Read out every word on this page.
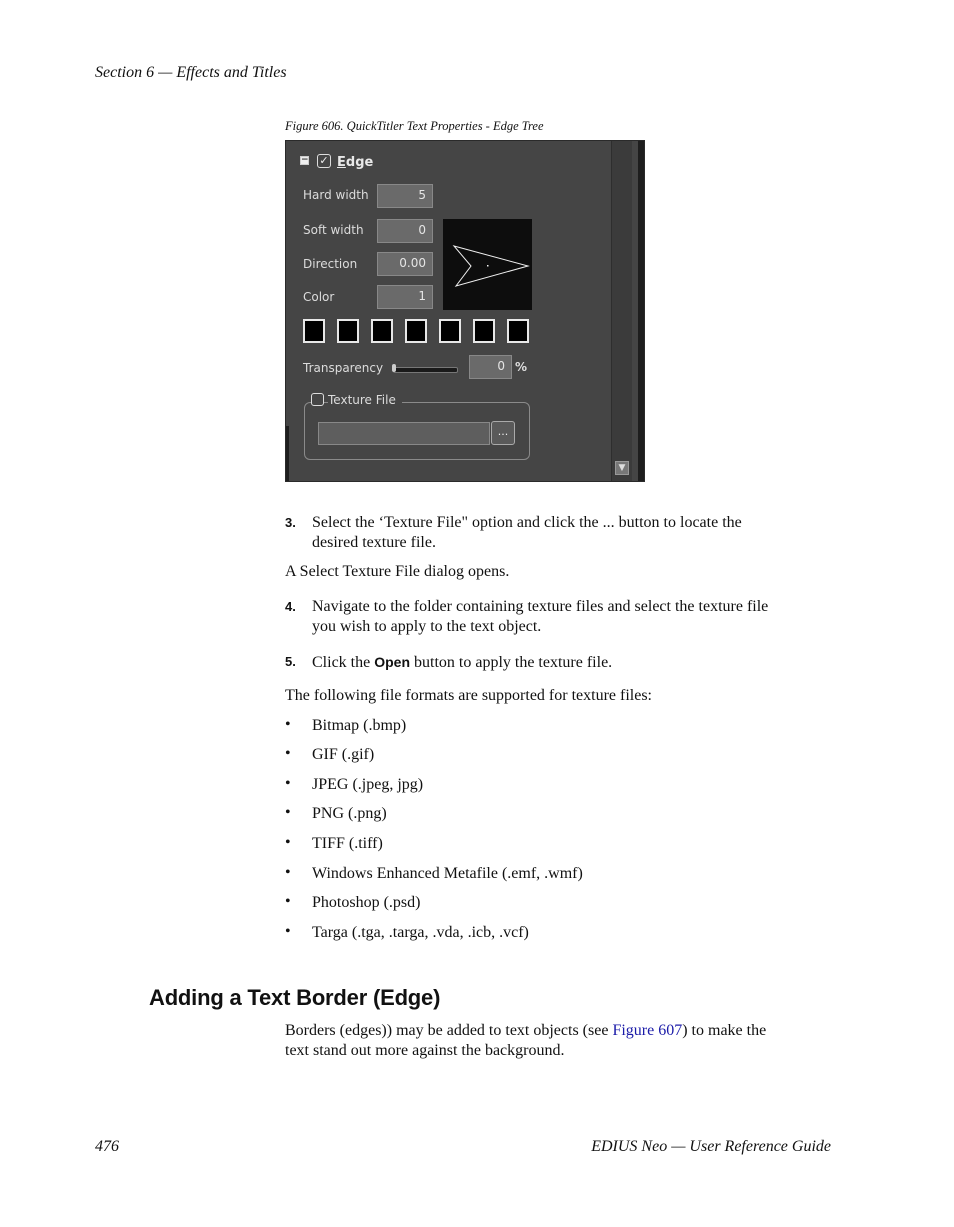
Section 6 — Effects and Titles
Figure 606. QuickTitler Text Properties - Edge Tree
− ✓ Edge
Hard width	5
Soft width	0
Direction	0.00
Color	1
Transparency	0 %
Texture File
...
▼
3. Select the ‘Texture File" option and click the ... button to locate the
desired texture file.
A Select Texture File dialog opens.
4. Navigate to the folder containing texture files and select the texture file
you wish to apply to the text object.
5. Click the Open button to apply the texture file.
The following file formats are supported for texture files:
• Bitmap (.bmp)
• GIF (.gif)
• JPEG (.jpeg, jpg)
• PNG (.png)
• TIFF (.tiff)
• Windows Enhanced Metafile (.emf, .wmf)
• Photoshop (.psd)
• Targa (.tga, .targa, .vda, .icb, .vcf)
Adding a Text Border (Edge)
Borders (edges)) may be added to text objects (see Figure 607) to make the
text stand out more against the background.
476	EDIUS Neo — User Reference Guide
